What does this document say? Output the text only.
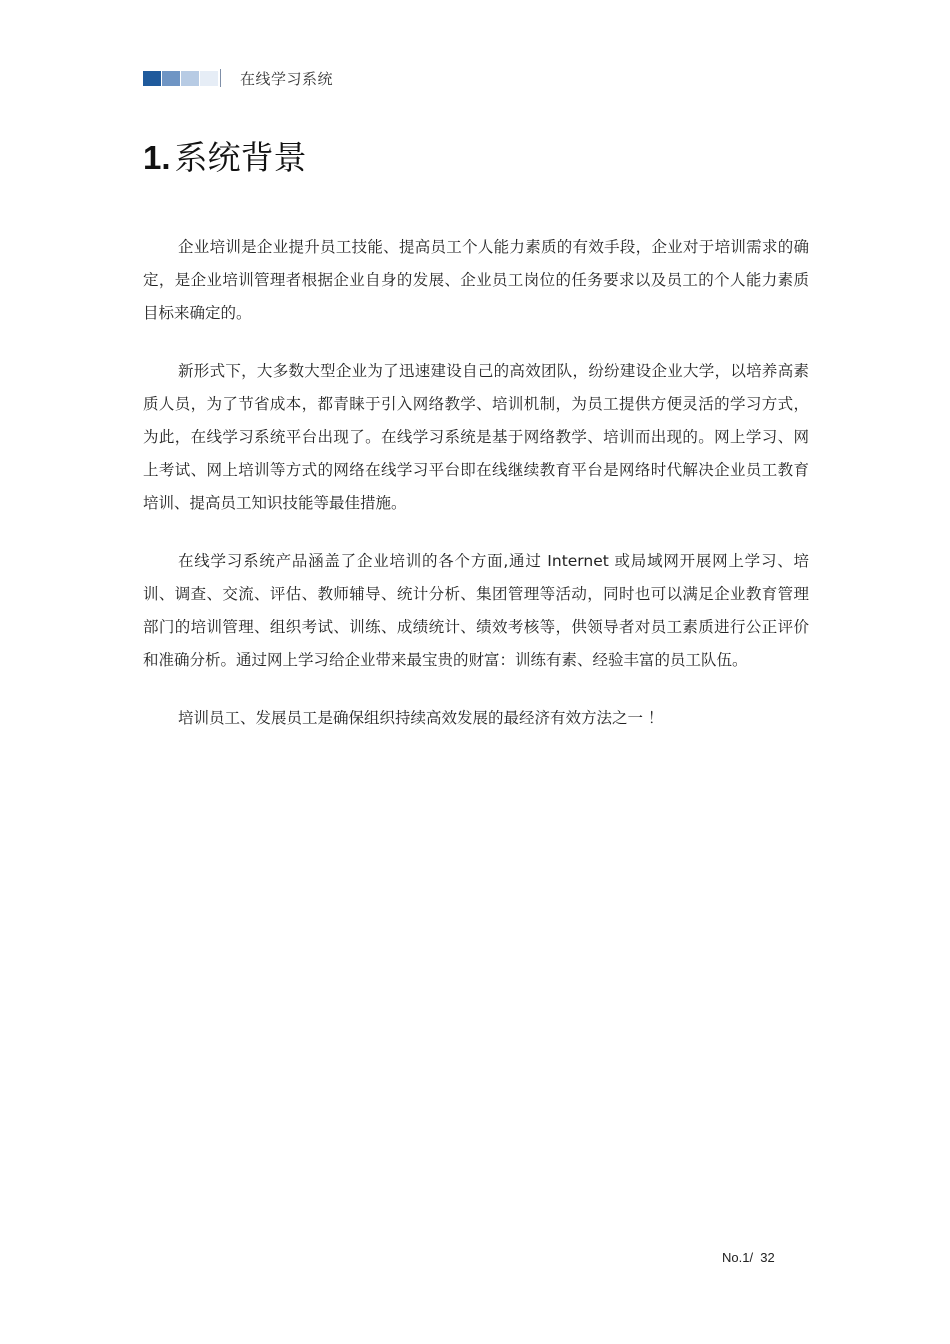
在线学习系统
1. 系统背景

企业培训是企业提升员工技能、提高员工个人能力素质的有效手段，企业对于培训需求的确定，是企业培训管理者根据企业自身的发展、企业员工岗位的任务要求以及员工的个人能力素质目标来确定的。

新形式下，大多数大型企业为了迅速建设自己的高效团队，纷纷建设企业大学，以培养高素质人员，为了节省成本，都青睐于引入网络教学、培训机制，为员工提供方便灵活的学习方式，为此，在线学习系统平台出现了。在线学习系统是基于网络教学、培训而出现的。网上学习、网上考试、网上培训等方式的网络在线学习平台即在线继续教育平台是网络时代解决企业员工教育培训、提高员工知识技能等最佳措施。

在线学习系统产品涵盖了企业培训的各个方面,通过 Internet 或局域网开展网上学习、培训、调查、交流、评估、教师辅导、统计分析、集团管理等活动，同时也可以满足企业教育管理部门的培训管理、组织考试、训练、成绩统计、绩效考核等，供领导者对员工素质进行公正评价和准确分析。通过网上学习给企业带来最宝贵的财富：训练有素、经验丰富的员工队伍。

培训员工、发展员工是确保组织持续高效发展的最经济有效方法之一 ！

No.1/  32
